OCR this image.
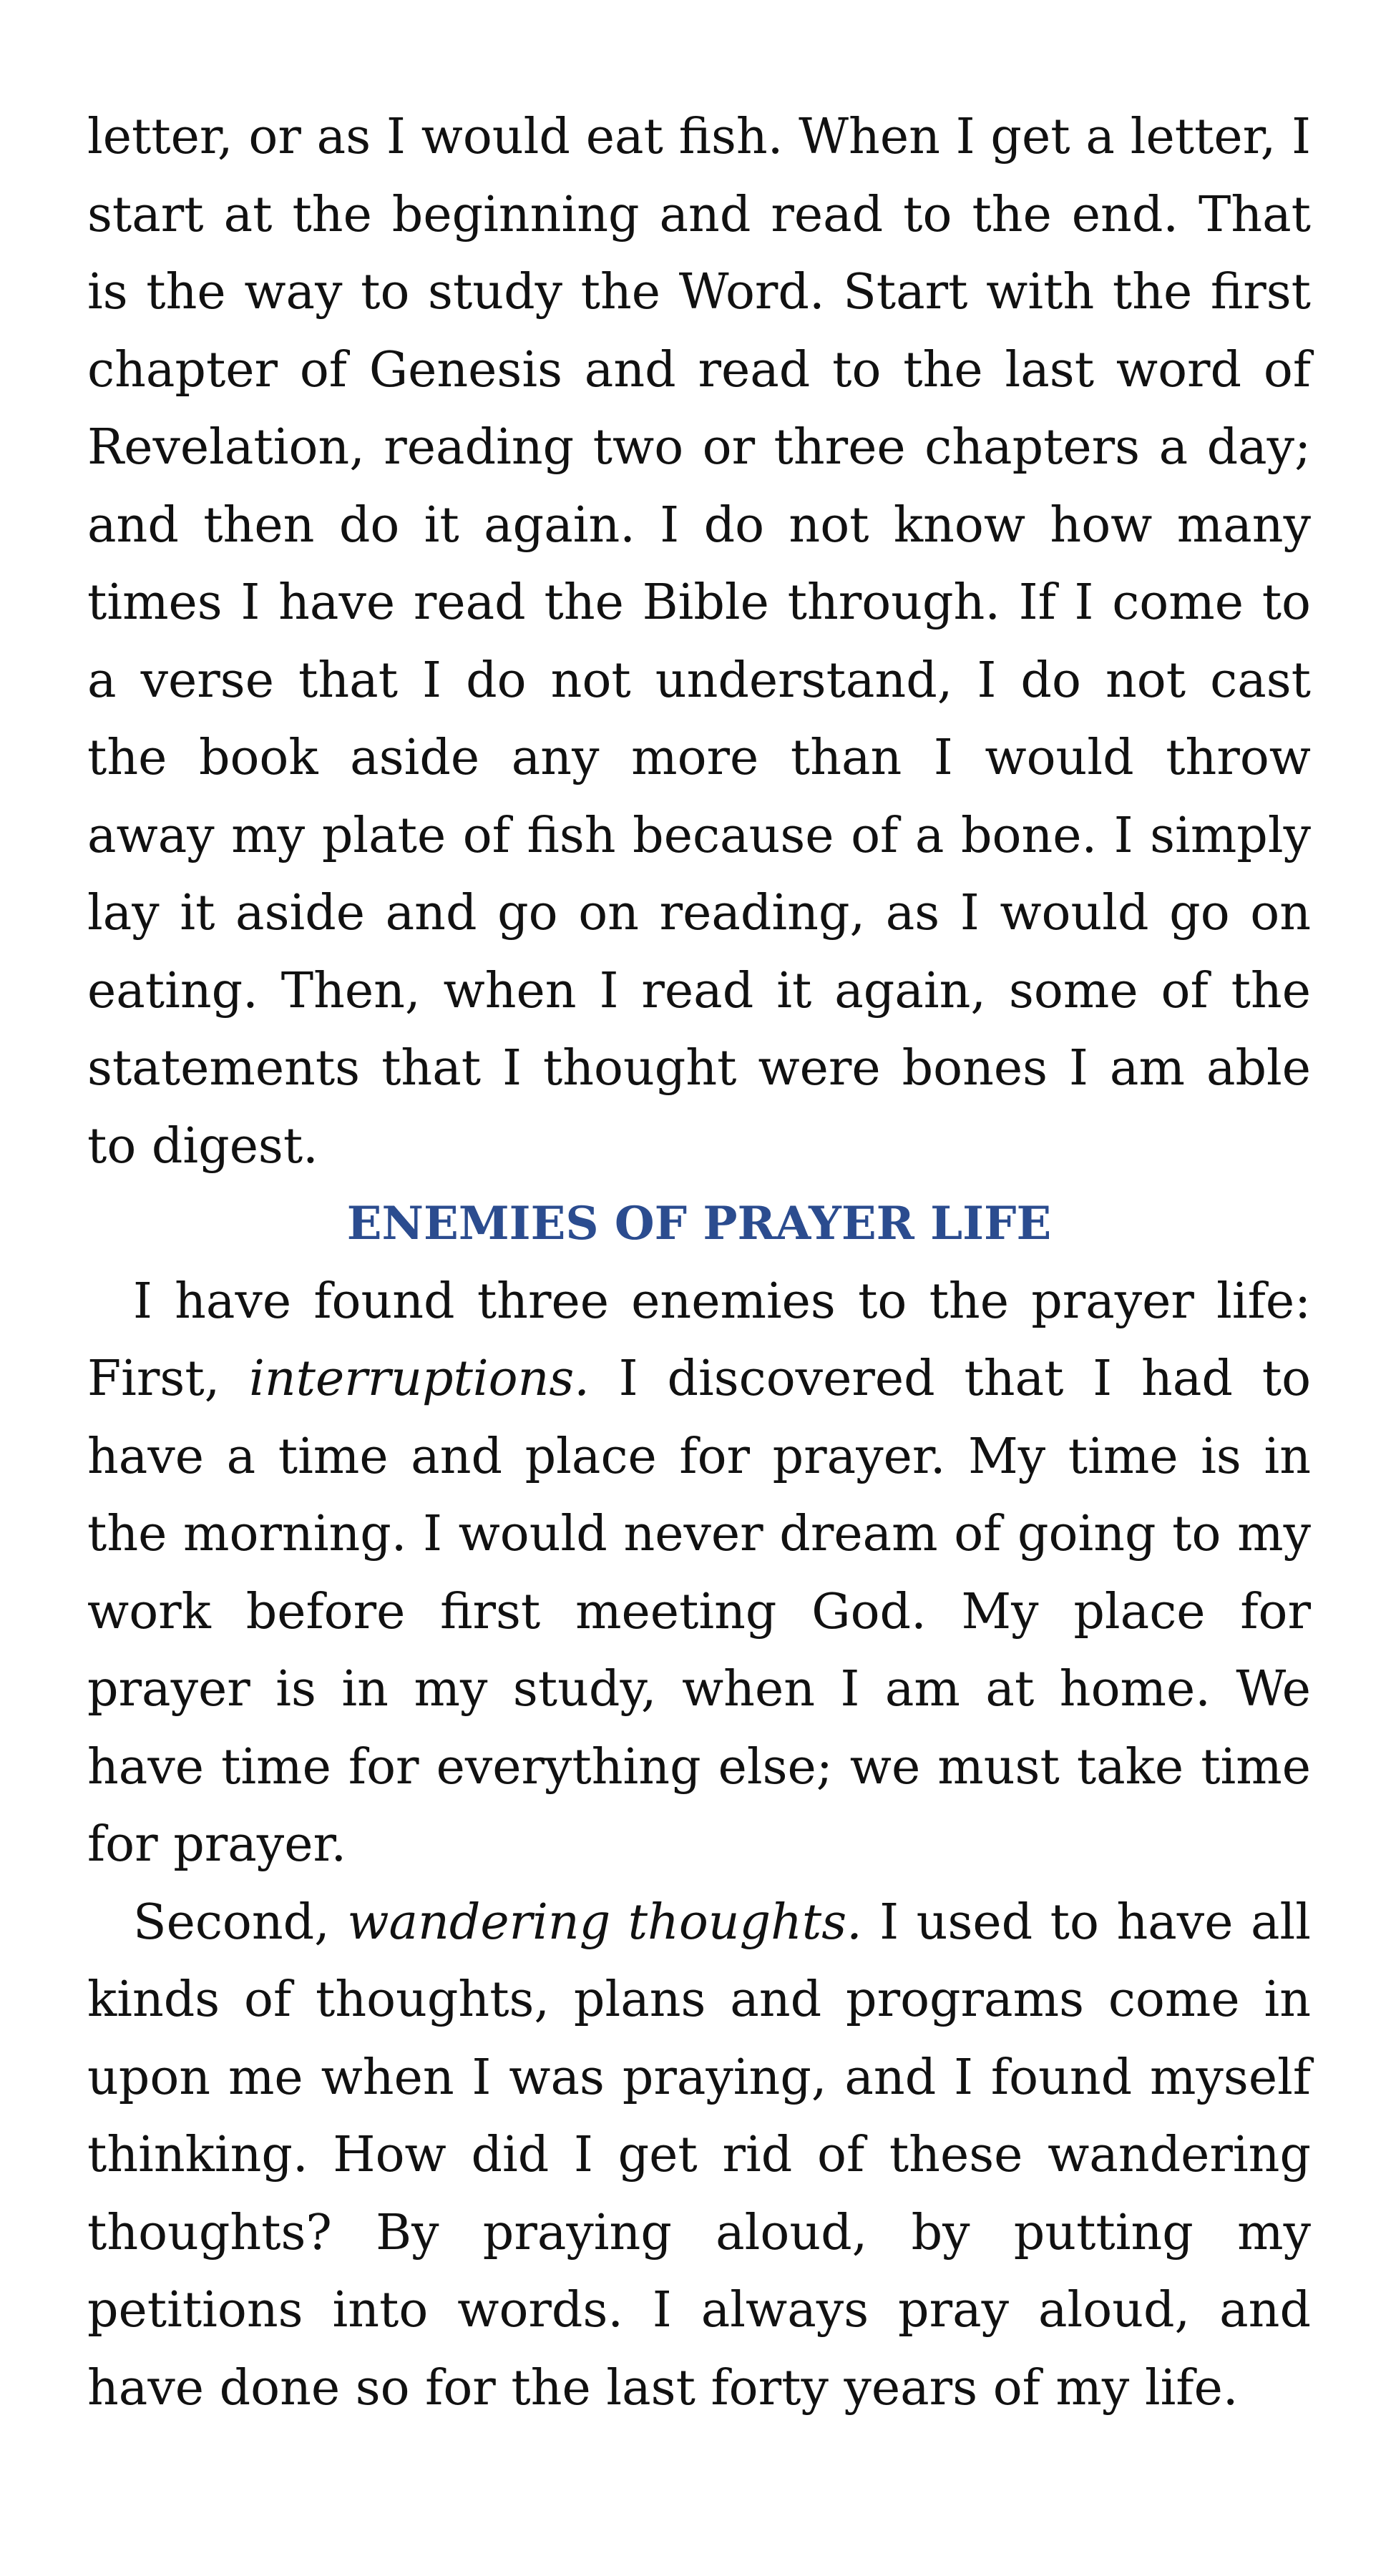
letter, or as I would eat fish. When I get a letter, I start at the beginning and read to the end. That is the way to study the Word. Start with the first chapter of Genesis and read to the last word of Revelation, reading two or three chapters a day; and then do it again. I do not know how many times I have read the Bible through. If I come to a verse that I do not understand, I do not cast the book aside any more than I would throw away my plate of fish because of a bone. I simply lay it aside and go on reading, as I would go on eating. Then, when I read it again, some of the statements that I thought were bones I am able to digest.

ENEMIES OF PRAYER LIFE

I have found three enemies to the prayer life: First, interruptions. I discovered that I had to have a time and place for prayer. My time is in the morning. I would never dream of going to my work before first meeting God. My place for prayer is in my study, when I am at home. We have time for everything else; we must take time for prayer.

Second, wandering thoughts. I used to have all kinds of thoughts, plans and programs come in upon me when I was praying, and I found myself thinking. How did I get rid of these wandering thoughts? By praying aloud, by putting my petitions into words. I always pray aloud, and have done so for the last forty years of my life.
